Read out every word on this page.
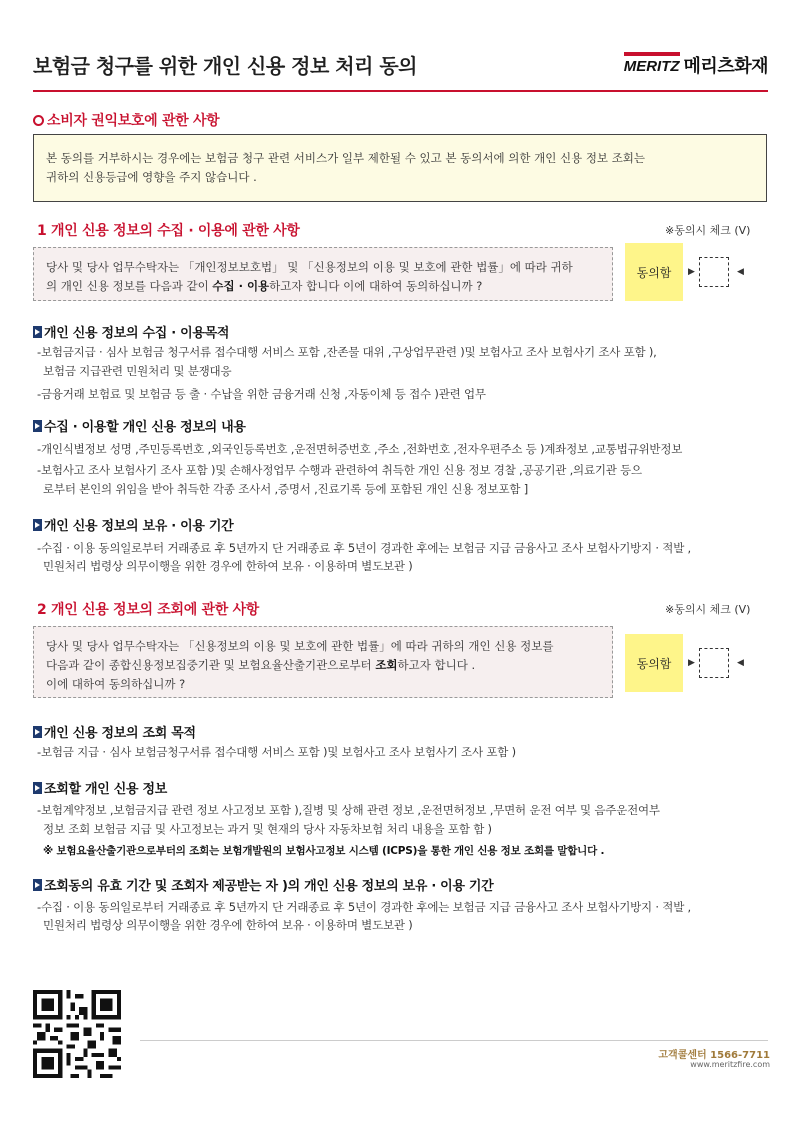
보험금 청구를 위한 개인 신용 정보 처리 동의	MERITZ 메리츠화재
소비자 권익보호에 관한 사항
본 동의를 거부하시는 경우에는 보험금 청구 관련 서비스가 일부 제한될 수 있고 본 동의서에 의한 개인 신용 정보 조회는
귀하의 신용등급에 영향을 주지 않습니다 .
1 개인 신용 정보의 수집 · 이용에 관한 사항	※동의시 체크 (V)
당사 및 당사 업무수탁자는 「개인정보보호법」 및 「신용정보의 이용 및 보호에 관한 법률」에 따라 귀하
의 개인 신용 정보를 다음과 같이 수집 · 이용하고자 합니다 이에 대하여 동의하십니까 ?
동의함	▶	◀
개인 신용 정보의 수집 · 이용목적
-보험금지급 · 심사 보험금 청구서류 접수대행 서비스 포함 ,잔존물 대위 ,구상업무관련 )및 보험사고 조사 보험사기 조사 포함 ),
보험금 지급관련 민원처리 및 분쟁대응
-금융거래 보험료 및 보험금 등 출 · 수납을 위한 금융거래 신청 ,자동이체 등 접수 )관련 업무
수집 · 이용할 개인 신용 정보의 내용
-개인식별정보 성명 ,주민등록번호 ,외국인등록번호 ,운전면허증번호 ,주소 ,전화번호 ,전자우편주소 등 )계좌정보 ,교통법규위반정보
-보험사고 조사 보험사기 조사 포함 )및 손해사정업무 수행과 관련하여 취득한 개인 신용 정보 경찰 ,공공기관 ,의료기관 등으
로부터 본인의 위임을 받아 취득한 각종 조사서 ,증명서 ,진료기록 등에 포함된 개인 신용 정보포함 ]
개인 신용 정보의 보유 · 이용 기간
-수집 · 이용 동의일로부터 거래종료 후 5년까지 단 거래종료 후 5년이 경과한 후에는 보험금 지급 금융사고 조사 보험사기방지 · 적발 ,
민원처리 법령상 의무이행을 위한 경우에 한하여 보유 · 이용하며 별도보관 )
2 개인 신용 정보의 조회에 관한 사항	※동의시 체크 (V)
당사 및 당사 업무수탁자는 「신용정보의 이용 및 보호에 관한 법률」에 따라 귀하의 개인 신용 정보를
다음과 같이 종합신용정보집중기관 및 보험요율산출기관으로부터 조회하고자 합니다 .
이에 대하여 동의하십니까 ?
동의함	▶	◀
개인 신용 정보의 조회 목적
-보험금 지급 · 심사 보험금청구서류 접수대행 서비스 포함 )및 보험사고 조사 보험사기 조사 포함 )
조회할 개인 신용 정보
-보험계약정보 ,보험금지급 관련 정보 사고정보 포함 ),질병 및 상해 관련 정보 ,운전면허정보 ,무면허 운전 여부 및 음주운전여부
정보 조회 보험금 지급 및 사고정보는 과거 및 현재의 당사 자동차보험 처리 내용을 포함 함 )
※ 보험요율산출기관으로부터의 조회는 보험개발원의 보험사고정보 시스템 (ICPS)을 통한 개인 신용 정보 조회를 말합니다 .
조회동의 유효 기간 및 조회자 제공받는 자 )의 개인 신용 정보의 보유 · 이용 기간
-수집 · 이용 동의일로부터 거래종료 후 5년까지 단 거래종료 후 5년이 경과한 후에는 보험금 지급 금융사고 조사 보험사기방지 · 적발 ,
민원처리 법령상 의무이행을 위한 경우에 한하여 보유 · 이용하며 별도보관 )
고객콜센터 1566-7711
www.meritzfire.com
